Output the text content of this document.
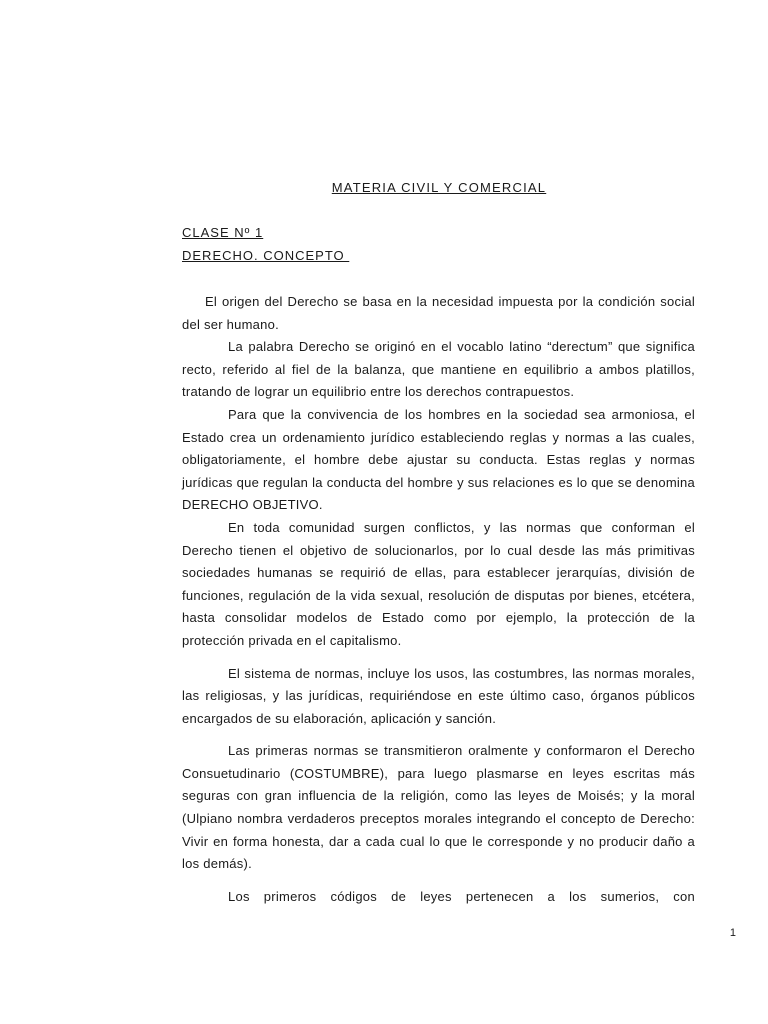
MATERIA CIVIL Y COMERCIAL
CLASE Nº 1
DERECHO. CONCEPTO

El origen del Derecho se basa en la necesidad impuesta por la condición social del ser humano.

La palabra Derecho se originó en el vocablo latino “derectum” que significa recto, referido al fiel de la balanza, que mantiene en equilibrio a ambos platillos, tratando de lograr un equilibrio entre los derechos contrapuestos.

Para que la convivencia de los hombres en la sociedad sea armoniosa, el Estado crea un ordenamiento jurídico estableciendo reglas y normas a las cuales, obligatoriamente, el hombre debe ajustar su conducta. Estas reglas y normas jurídicas que regulan la conducta del hombre y sus relaciones es lo que se denomina DERECHO OBJETIVO.

En toda comunidad surgen conflictos, y las normas que conforman el Derecho tienen el objetivo de solucionarlos, por lo cual desde las más primitivas sociedades humanas se requirió de ellas, para establecer jerarquías, división de funciones, regulación de la vida sexual, resolución de disputas por bienes, etcétera, hasta consolidar modelos de Estado como por ejemplo, la protección de la protección privada en el capitalismo.

El sistema de normas, incluye los usos, las costumbres, las normas morales, las religiosas, y las jurídicas, requiriéndose en este último caso, órganos públicos encargados de su elaboración, aplicación y sanción.

Las primeras normas se transmitieron oralmente y conformaron el Derecho Consuetudinario (COSTUMBRE), para luego plasmarse en leyes escritas más seguras con gran influencia de la religión, como las leyes de Moisés; y la moral (Ulpiano nombra verdaderos preceptos morales integrando el concepto de Derecho: Vivir en forma honesta, dar a cada cual lo que le corresponde y no producir daño a los demás).

Los primeros códigos de leyes pertenecen a los sumerios, con

1
